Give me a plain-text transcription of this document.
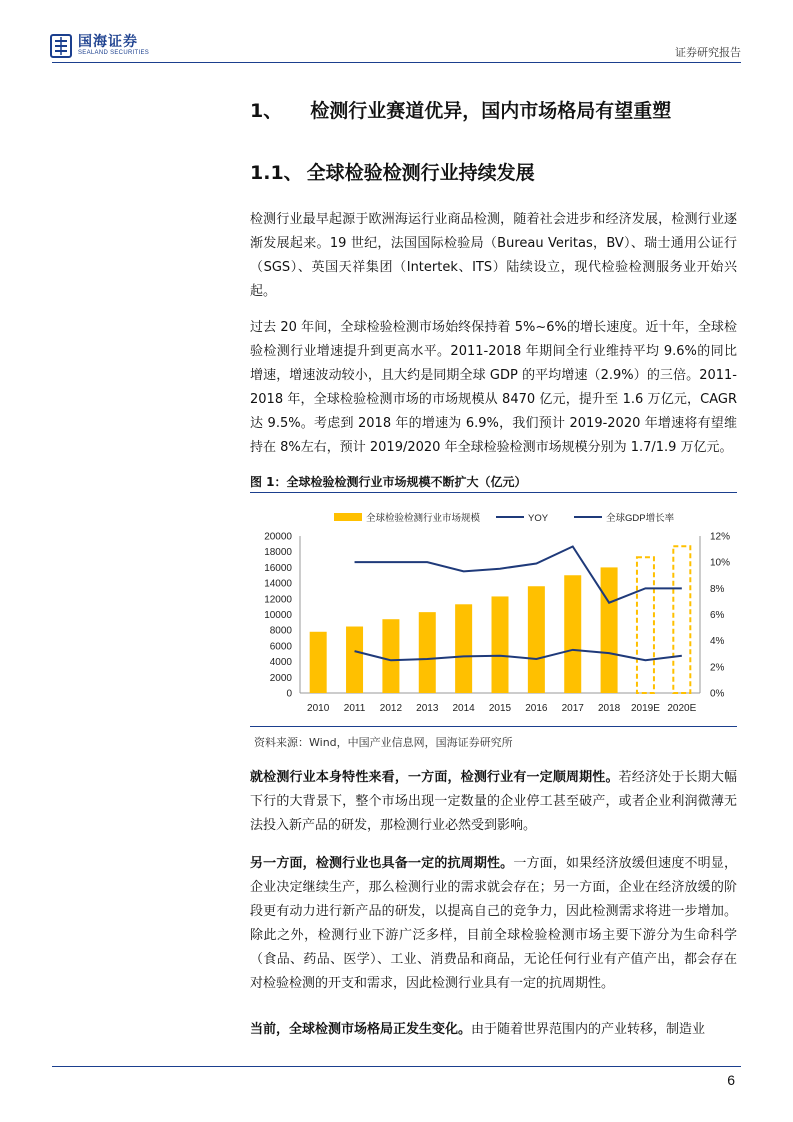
国海证券
SEALAND SECURITIES	证券研究报告
1、 检测行业赛道优异，国内市场格局有望重塑
1.1、 全球检验检测行业持续发展

检测行业最早起源于欧洲海运行业商品检测，随着社会进步和经济发展，检测行业逐渐发展起来。19 世纪，法国国际检验局（Bureau Veritas，BV）、瑞士通用公证行（SGS）、英国天祥集团（Intertek、ITS）陆续设立，现代检验检测服务业开始兴起。

过去 20 年间，全球检验检测市场始终保持着 5%~6%的增长速度。近十年，全球检验检测行业增速提升到更高水平。2011-2018 年期间全行业维持平均 9.6%的同比增速，增速波动较小，且大约是同期全球 GDP 的平均增速（2.9%）的三倍。2011-2018 年，全球检验检测市场的市场规模从 8470 亿元，提升至 1.6 万亿元，CAGR 达 9.5%。考虑到 2018 年的增速为 6.9%，我们预计 2019-2020 年增速将有望维持在 8%左右，预计 2019/2020 年全球检验检测市场规模分别为 1.7/1.9 万亿元。

图 1：全球检验检测行业市场规模不断扩大（亿元）
0
2000
4000
6000
8000
10000
12000
14000
16000
18000
20000
0%
2%
4%
6%
8%
10%
12%
2010 2011 2012 2013 2014 2015 2016 2017 2018 2019E 2020E
全球检验检测行业市场规模	YOY	全球GDP增长率
资料来源：Wind，中国产业信息网，国海证券研究所

就检测行业本身特性来看，一方面，检测行业有一定顺周期性。若经济处于长期大幅下行的大背景下，整个市场出现一定数量的企业停工甚至破产，或者企业利润微薄无法投入新产品的研发，那检测行业必然受到影响。

另一方面，检测行业也具备一定的抗周期性。一方面，如果经济放缓但速度不明显，企业决定继续生产，那么检测行业的需求就会存在；另一方面，企业在经济放缓的阶段更有动力进行新产品的研发，以提高自己的竞争力，因此检测需求将进一步增加。除此之外，检测行业下游广泛多样，目前全球检验检测市场主要下游分为生命科学（食品、药品、医学）、工业、消费品和商品，无论任何行业有产值产出，都会存在对检验检测的开支和需求，因此检测行业具有一定的抗周期性。

当前，全球检测市场格局正发生变化。由于随着世界范围内的产业转移，制造业

6
